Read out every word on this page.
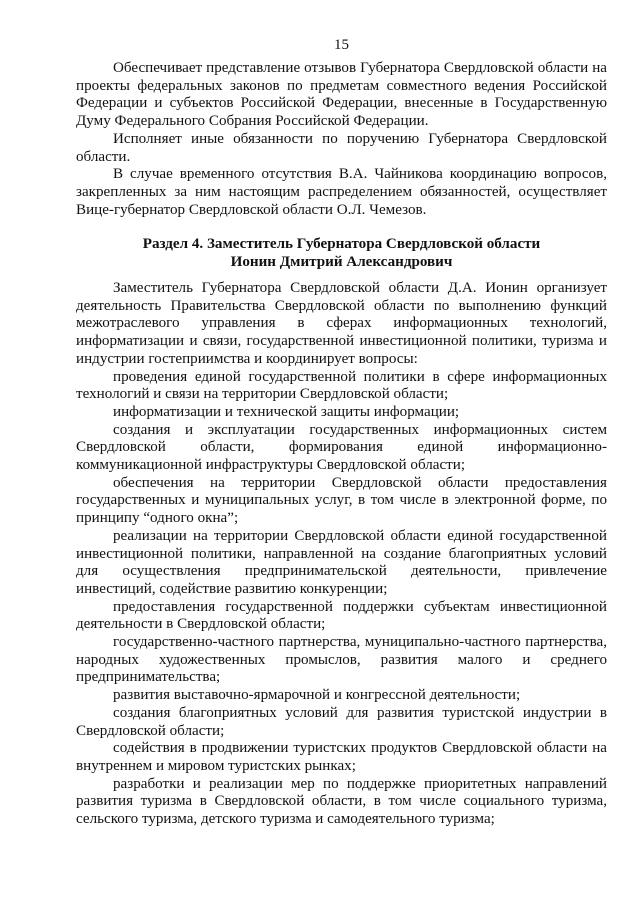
15

Обеспечивает представление отзывов Губернатора Свердловской области на проекты федеральных законов по предметам совместного ведения Российской Федерации и субъектов Российской Федерации, внесенные в Государственную Думу Федерального Собрания Российской Федерации.

Исполняет иные обязанности по поручению Губернатора Свердловской области.

В случае временного отсутствия В.А. Чайникова координацию вопросов, закрепленных за ним настоящим распределением обязанностей, осуществляет Вице-губернатор Свердловской области О.Л. Чемезов.

Раздел 4. Заместитель Губернатора Свердловской области
Ионин Дмитрий Александрович

Заместитель Губернатора Свердловской области Д.А. Ионин организует деятельность Правительства Свердловской области по выполнению функций межотраслевого управления в сферах информационных технологий, информатизации и связи, государственной инвестиционной политики, туризма и индустрии гостеприимства и координирует вопросы:

проведения единой государственной политики в сфере информационных технологий и связи на территории Свердловской области;

информатизации и технической защиты информации;

создания и эксплуатации государственных информационных систем Свердловской области, формирования единой информационно-коммуникационной инфраструктуры Свердловской области;

обеспечения на территории Свердловской области предоставления государственных и муниципальных услуг, в том числе в электронной форме, по принципу “одного окна”;

реализации на территории Свердловской области единой государственной инвестиционной политики, направленной на создание благоприятных условий для осуществления предпринимательской деятельности, привлечение инвестиций, содействие развитию конкуренции;

предоставления государственной поддержки субъектам инвестиционной деятельности в Свердловской области;

государственно-частного партнерства, муниципально-частного партнерства, народных художественных промыслов, развития малого и среднего предпринимательства;

развития выставочно-ярмарочной и конгрессной деятельности;

создания благоприятных условий для развития туристской индустрии в Свердловской области;

содействия в продвижении туристских продуктов Свердловской области на внутреннем и мировом туристских рынках;

разработки и реализации мер по поддержке приоритетных направлений развития туризма в Свердловской области, в том числе социального туризма, сельского туризма, детского туризма и самодеятельного туризма;
